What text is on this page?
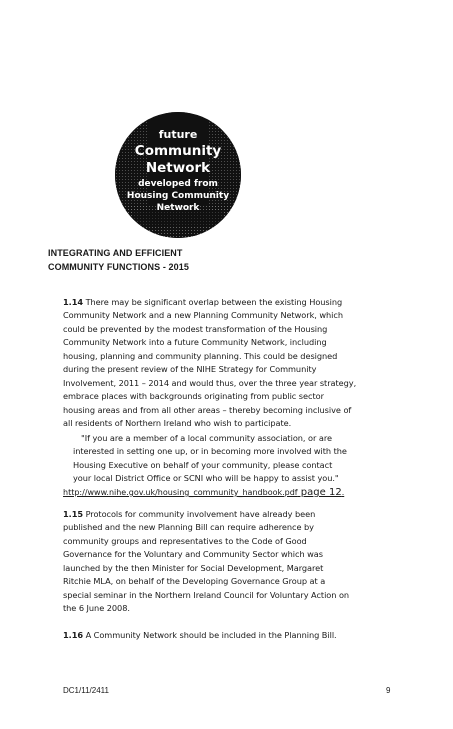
future
Community
Network
developed from
Housing Community
Network
INTEGRATING AND EFFICIENT
COMMUNITY FUNCTIONS - 2015
1.14 There may be significant overlap between the existing Housing
Community Network and a new Planning Community Network, which
could be prevented by the modest transformation of the Housing
Community Network into a future Community Network, including
housing, planning and community planning. This could be designed
during the present review of the NIHE Strategy for Community
Involvement, 2011 – 2014 and would thus, over the three year strategy,
embrace places with backgrounds originating from public sector
housing areas and from all other areas – thereby becoming inclusive of
all residents of Northern Ireland who wish to participate.
"If you are a member of a local community association, or are
interested in setting one up, or in becoming more involved with the
Housing Executive on behalf of your community, please contact
your local District Office or SCNI who will be happy to assist you."
http://www.nihe.gov.uk/housing_community_handbook.pdf page 12.
1.15 Protocols for community involvement have already been
published and the new Planning Bill can require adherence by
community groups and representatives to the Code of Good
Governance for the Voluntary and Community Sector which was
launched by the then Minister for Social Development, Margaret
Ritchie MLA, on behalf of the Developing Governance Group at a
special seminar in the Northern Ireland Council for Voluntary Action on
the 6 June 2008.
1.16 A Community Network should be included in the Planning Bill.
DC1/11/2411	9
